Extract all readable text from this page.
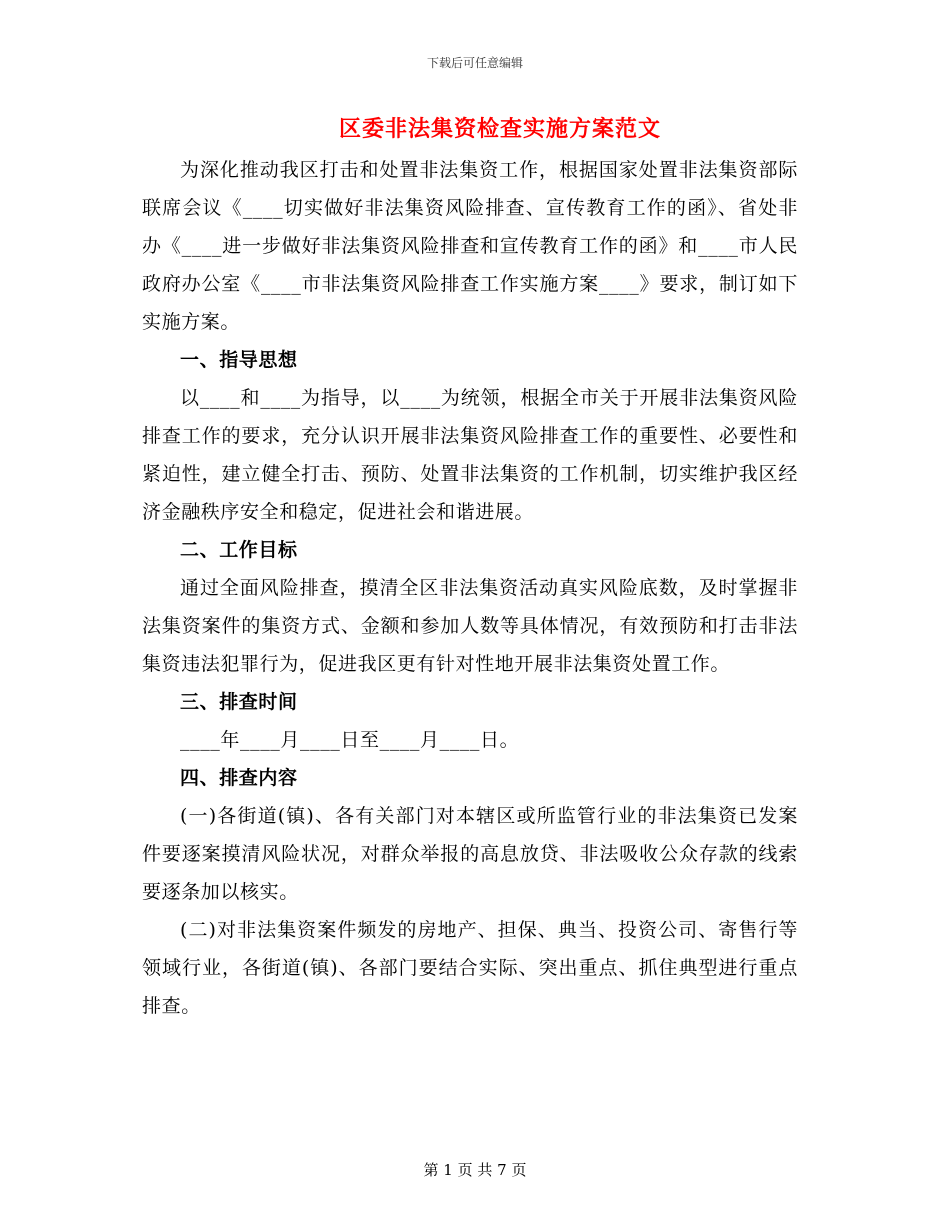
下载后可任意编辑
区委非法集资检查实施方案范文

为深化推动我区打击和处置非法集资工作，根据国家处置非法集资部际联席会议《____切实做好非法集资风险排查、宣传教育工作的函》、省处非办《____进一步做好非法集资风险排查和宣传教育工作的函》和____市人民政府办公室《____市非法集资风险排查工作实施方案____》要求，制订如下实施方案。

一、指导思想

以____和____为指导，以____为统领，根据全市关于开展非法集资风险排查工作的要求，充分认识开展非法集资风险排查工作的重要性、必要性和紧迫性，建立健全打击、预防、处置非法集资的工作机制，切实维护我区经济金融秩序安全和稳定，促进社会和谐进展。

二、工作目标

通过全面风险排查，摸清全区非法集资活动真实风险底数，及时掌握非法集资案件的集资方式、金额和参加人数等具体情况，有效预防和打击非法集资违法犯罪行为，促进我区更有针对性地开展非法集资处置工作。

三、排查时间

____年____月____日至____月____日。

四、排查内容

(一)各街道(镇)、各有关部门对本辖区或所监管行业的非法集资已发案件要逐案摸清风险状况，对群众举报的高息放贷、非法吸收公众存款的线索要逐条加以核实。

(二)对非法集资案件频发的房地产、担保、典当、投资公司、寄售行等领域行业，各街道(镇)、各部门要结合实际、突出重点、抓住典型进行重点排查。

第 1 页 共 7 页
